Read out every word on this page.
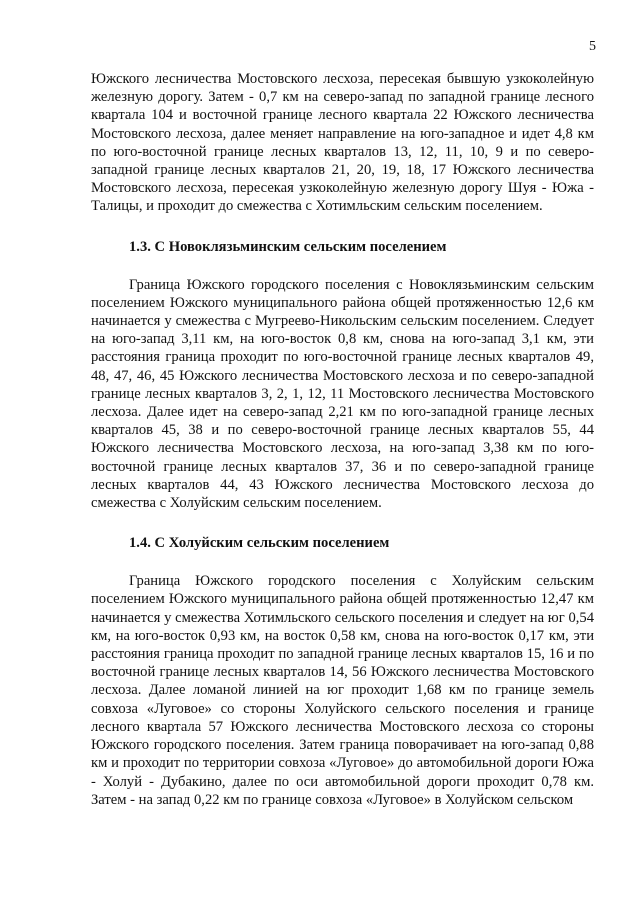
5

Южского лесничества Мостовского лесхоза, пересекая бывшую узкоколейную железную дорогу. Затем - 0,7 км на северо-запад по западной границе лесного квартала 104 и восточной границе лесного квартала 22 Южского лесничества Мостовского лесхоза, далее меняет направление на юго-западное и идет 4,8 км по юго-восточной границе лесных кварталов 13, 12, 11, 10, 9 и по северо-западной границе лесных кварталов 21, 20, 19, 18, 17 Южского лесничества Мостовского лесхоза, пересекая узкоколейную железную дорогу Шуя - Южа - Талицы, и проходит до смежества с Хотимльским сельским поселением.

1.3. С Новоклязьминским сельским поселением

Граница Южского городского поселения с Новоклязьминским сельским поселением Южского муниципального района общей протяженностью 12,6 км начинается у смежества с Мугреево-Никольским сельским поселением. Следует на юго-запад 3,11 км, на юго-восток 0,8 км, снова на юго-запад 3,1 км, эти расстояния граница проходит по юго-восточной границе лесных кварталов 49, 48, 47, 46, 45 Южского лесничества Мостовского лесхоза и по северо-западной границе лесных кварталов 3, 2, 1, 12, 11 Мостовского лесничества Мостовского лесхоза. Далее идет на северо-запад 2,21 км по юго-западной границе лесных кварталов 45, 38 и по северо-восточной границе лесных кварталов 55, 44 Южского лесничества Мостовского лесхоза, на юго-запад 3,38 км по юго-восточной границе лесных кварталов 37, 36 и по северо-западной границе лесных кварталов 44, 43 Южского лесничества Мостовского лесхоза до смежества с Холуйским сельским поселением.

1.4. С Холуйским сельским поселением

Граница Южского городского поселения с Холуйским сельским поселением Южского муниципального района общей протяженностью 12,47 км начинается у смежества Хотимльского сельского поселения и следует на юг 0,54 км, на юго-восток 0,93 км, на восток 0,58 км, снова на юго-восток 0,17 км, эти расстояния граница проходит по западной границе лесных кварталов 15, 16 и по восточной границе лесных кварталов 14, 56 Южского лесничества Мостовского лесхоза. Далее ломаной линией на юг проходит 1,68 км по границе земель совхоза «Луговое» со стороны Холуйского сельского поселения и границе лесного квартала 57 Южского лесничества Мостовского лесхоза со стороны Южского городского поселения. Затем граница поворачивает на юго-запад 0,88 км и проходит по территории совхоза «Луговое» до автомобильной дороги Южа - Холуй - Дубакино, далее по оси автомобильной дороги проходит 0,78 км. Затем - на запад 0,22 км по границе совхоза «Луговое» в Холуйском сельском
